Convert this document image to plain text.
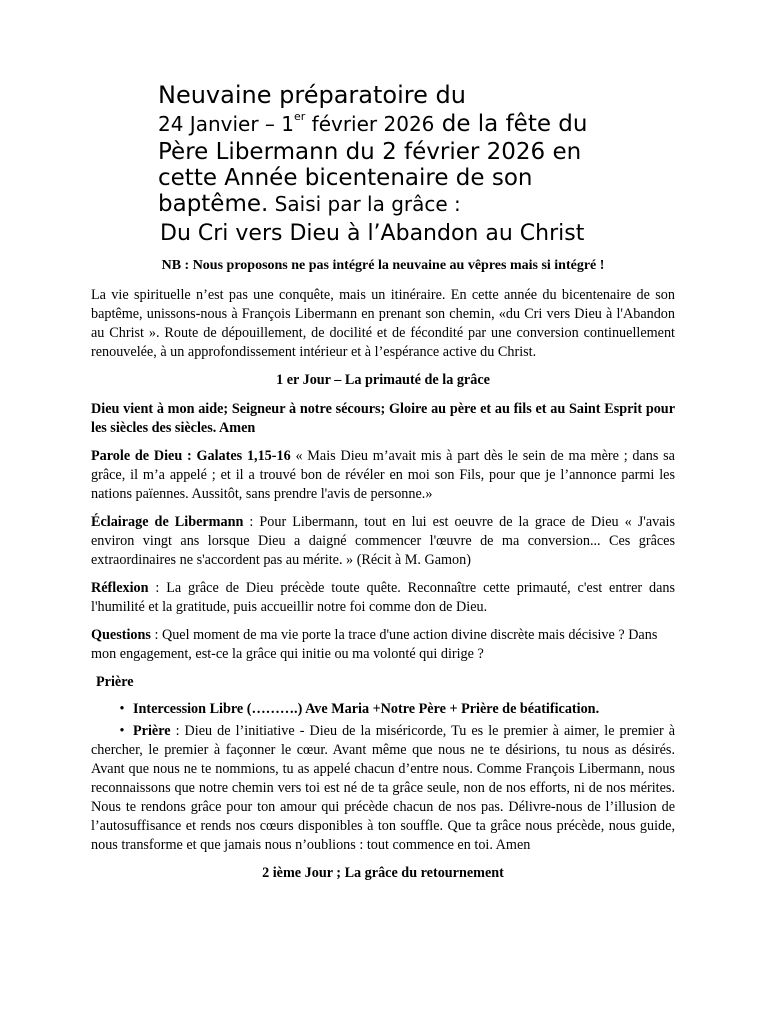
Neuvaine préparatoire du
24 Janvier – 1er février 2026 de la fête du
Père Libermann du 2 février 2026 en
cette Année bicentenaire de son
baptême. Saisi par la grâce :
Du Cri vers Dieu à l’Abandon au Christ

NB : Nous proposons ne pas intégré la neuvaine au vêpres mais si intégré !

La vie spirituelle n’est pas une conquête, mais un itinéraire. En cette année du bicentenaire de son baptême, unissons-nous à François Libermann en prenant son chemin, «du Cri vers Dieu à l'Abandon au Christ ». Route de dépouillement, de docilité et de fécondité par une conversion continuellement renouvelée, à un approfondissement intérieur et à l’espérance active du Christ.

1 er Jour – La primauté de la grâce

Dieu vient à mon aide; Seigneur à notre sécours; Gloire au père et au fils et au Saint Esprit pour les siècles des siècles. Amen

Parole de Dieu : Galates 1,15-16 « Mais Dieu m’avait mis à part dès le sein de ma mère ; dans sa grâce, il m’a appelé ; et il a trouvé bon de révéler en moi son Fils, pour que je l’annonce parmi les nations païennes. Aussitôt, sans prendre l'avis de personne.»

Éclairage de Libermann : Pour Libermann, tout en lui est oeuvre de la grace de Dieu « J'avais environ vingt ans lorsque Dieu a daigné commencer l'œuvre de ma conversion... Ces grâces extraordinaires ne s'accordent pas au mérite. » (Récit à M. Gamon)

Réflexion : La grâce de Dieu précède toute quête. Reconnaître cette primauté, c'est entrer dans l'humilité et la gratitude, puis accueillir notre foi comme don de Dieu.

Questions : Quel moment de ma vie porte la trace d'une action divine discrète mais décisive ? Dans mon engagement, est-ce la grâce qui initie ou ma volonté qui dirige ?

Prière

• Intercession Libre (……….) Ave Maria +Notre Père + Prière de béatification.
• Prière : Dieu de l’initiative - Dieu de la miséricorde, Tu es le premier à aimer, le premier à chercher, le premier à façonner le cœur. Avant même que nous ne te désirions, tu nous as désirés. Avant que nous ne te nommions, tu as appelé chacun d’entre nous. Comme François Libermann, nous reconnaissons que notre chemin vers toi est né de ta grâce seule, non de nos efforts, ni de nos mérites. Nous te rendons grâce pour ton amour qui précède chacun de nos pas. Délivre-nous de l’illusion de l’autosuffisance et rends nos cœurs disponibles à ton souffle. Que ta grâce nous précède, nous guide, nous transforme et que jamais nous n’oublions : tout commence en toi. Amen

2 ième Jour ; La grâce du retournement
